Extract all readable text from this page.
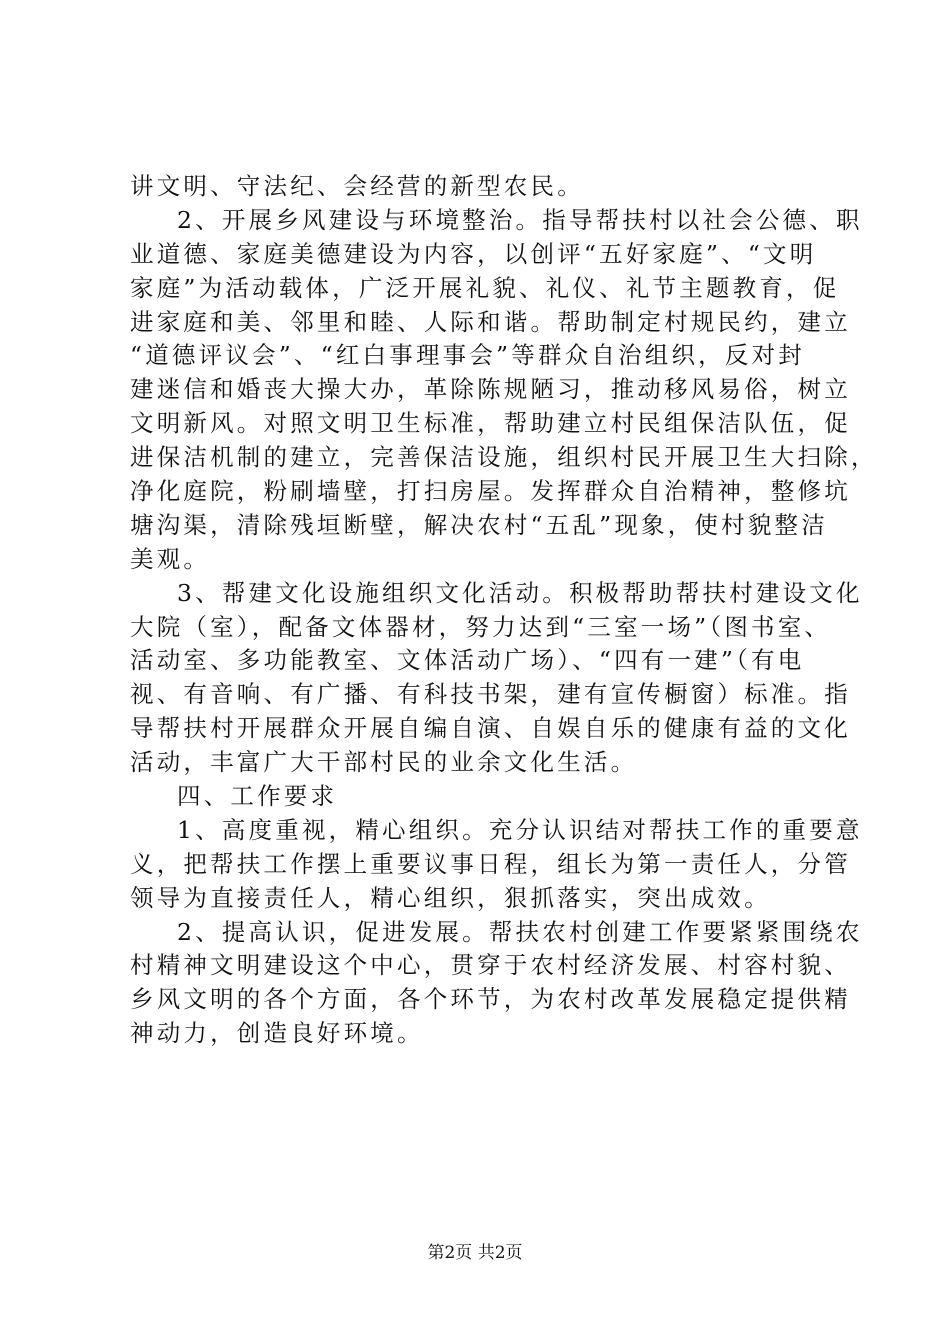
讲文明、守法纪、会经营的新型农民。
2、开展乡风建设与环境整治。指导帮扶村以社会公德、职
业道德、家庭美德建设为内容，以创评“五好家庭”、“文明
家庭”为活动载体，广泛开展礼貌、礼仪、礼节主题教育，促
进家庭和美、邻里和睦、人际和谐。帮助制定村规民约，建立
“道德评议会”、“红白事理事会”等群众自治组织，反对封
建迷信和婚丧大操大办，革除陈规陋习，推动移风易俗，树立
文明新风。对照文明卫生标准，帮助建立村民组保洁队伍，促
进保洁机制的建立，完善保洁设施，组织村民开展卫生大扫除，
净化庭院，粉刷墙壁，打扫房屋。发挥群众自治精神，整修坑
塘沟渠，清除残垣断壁，解决农村“五乱”现象，使村貌整洁
美观。
3、帮建文化设施组织文化活动。积极帮助帮扶村建设文化
大院（室），配备文体器材，努力达到“三室一场”（图书室、
活动室、多功能教室、文体活动广场）、“四有一建”（有电
视、有音响、有广播、有科技书架，建有宣传橱窗）标准。指
导帮扶村开展群众开展自编自演、自娱自乐的健康有益的文化
活动，丰富广大干部村民的业余文化生活。
四、工作要求
1、高度重视，精心组织。充分认识结对帮扶工作的重要意
义，把帮扶工作摆上重要议事日程，组长为第一责任人，分管
领导为直接责任人，精心组织，狠抓落实，突出成效。
2、提高认识，促进发展。帮扶农村创建工作要紧紧围绕农
村精神文明建设这个中心，贯穿于农村经济发展、村容村貌、
乡风文明的各个方面，各个环节，为农村改革发展稳定提供精
神动力，创造良好环境。
第2页 共2页
